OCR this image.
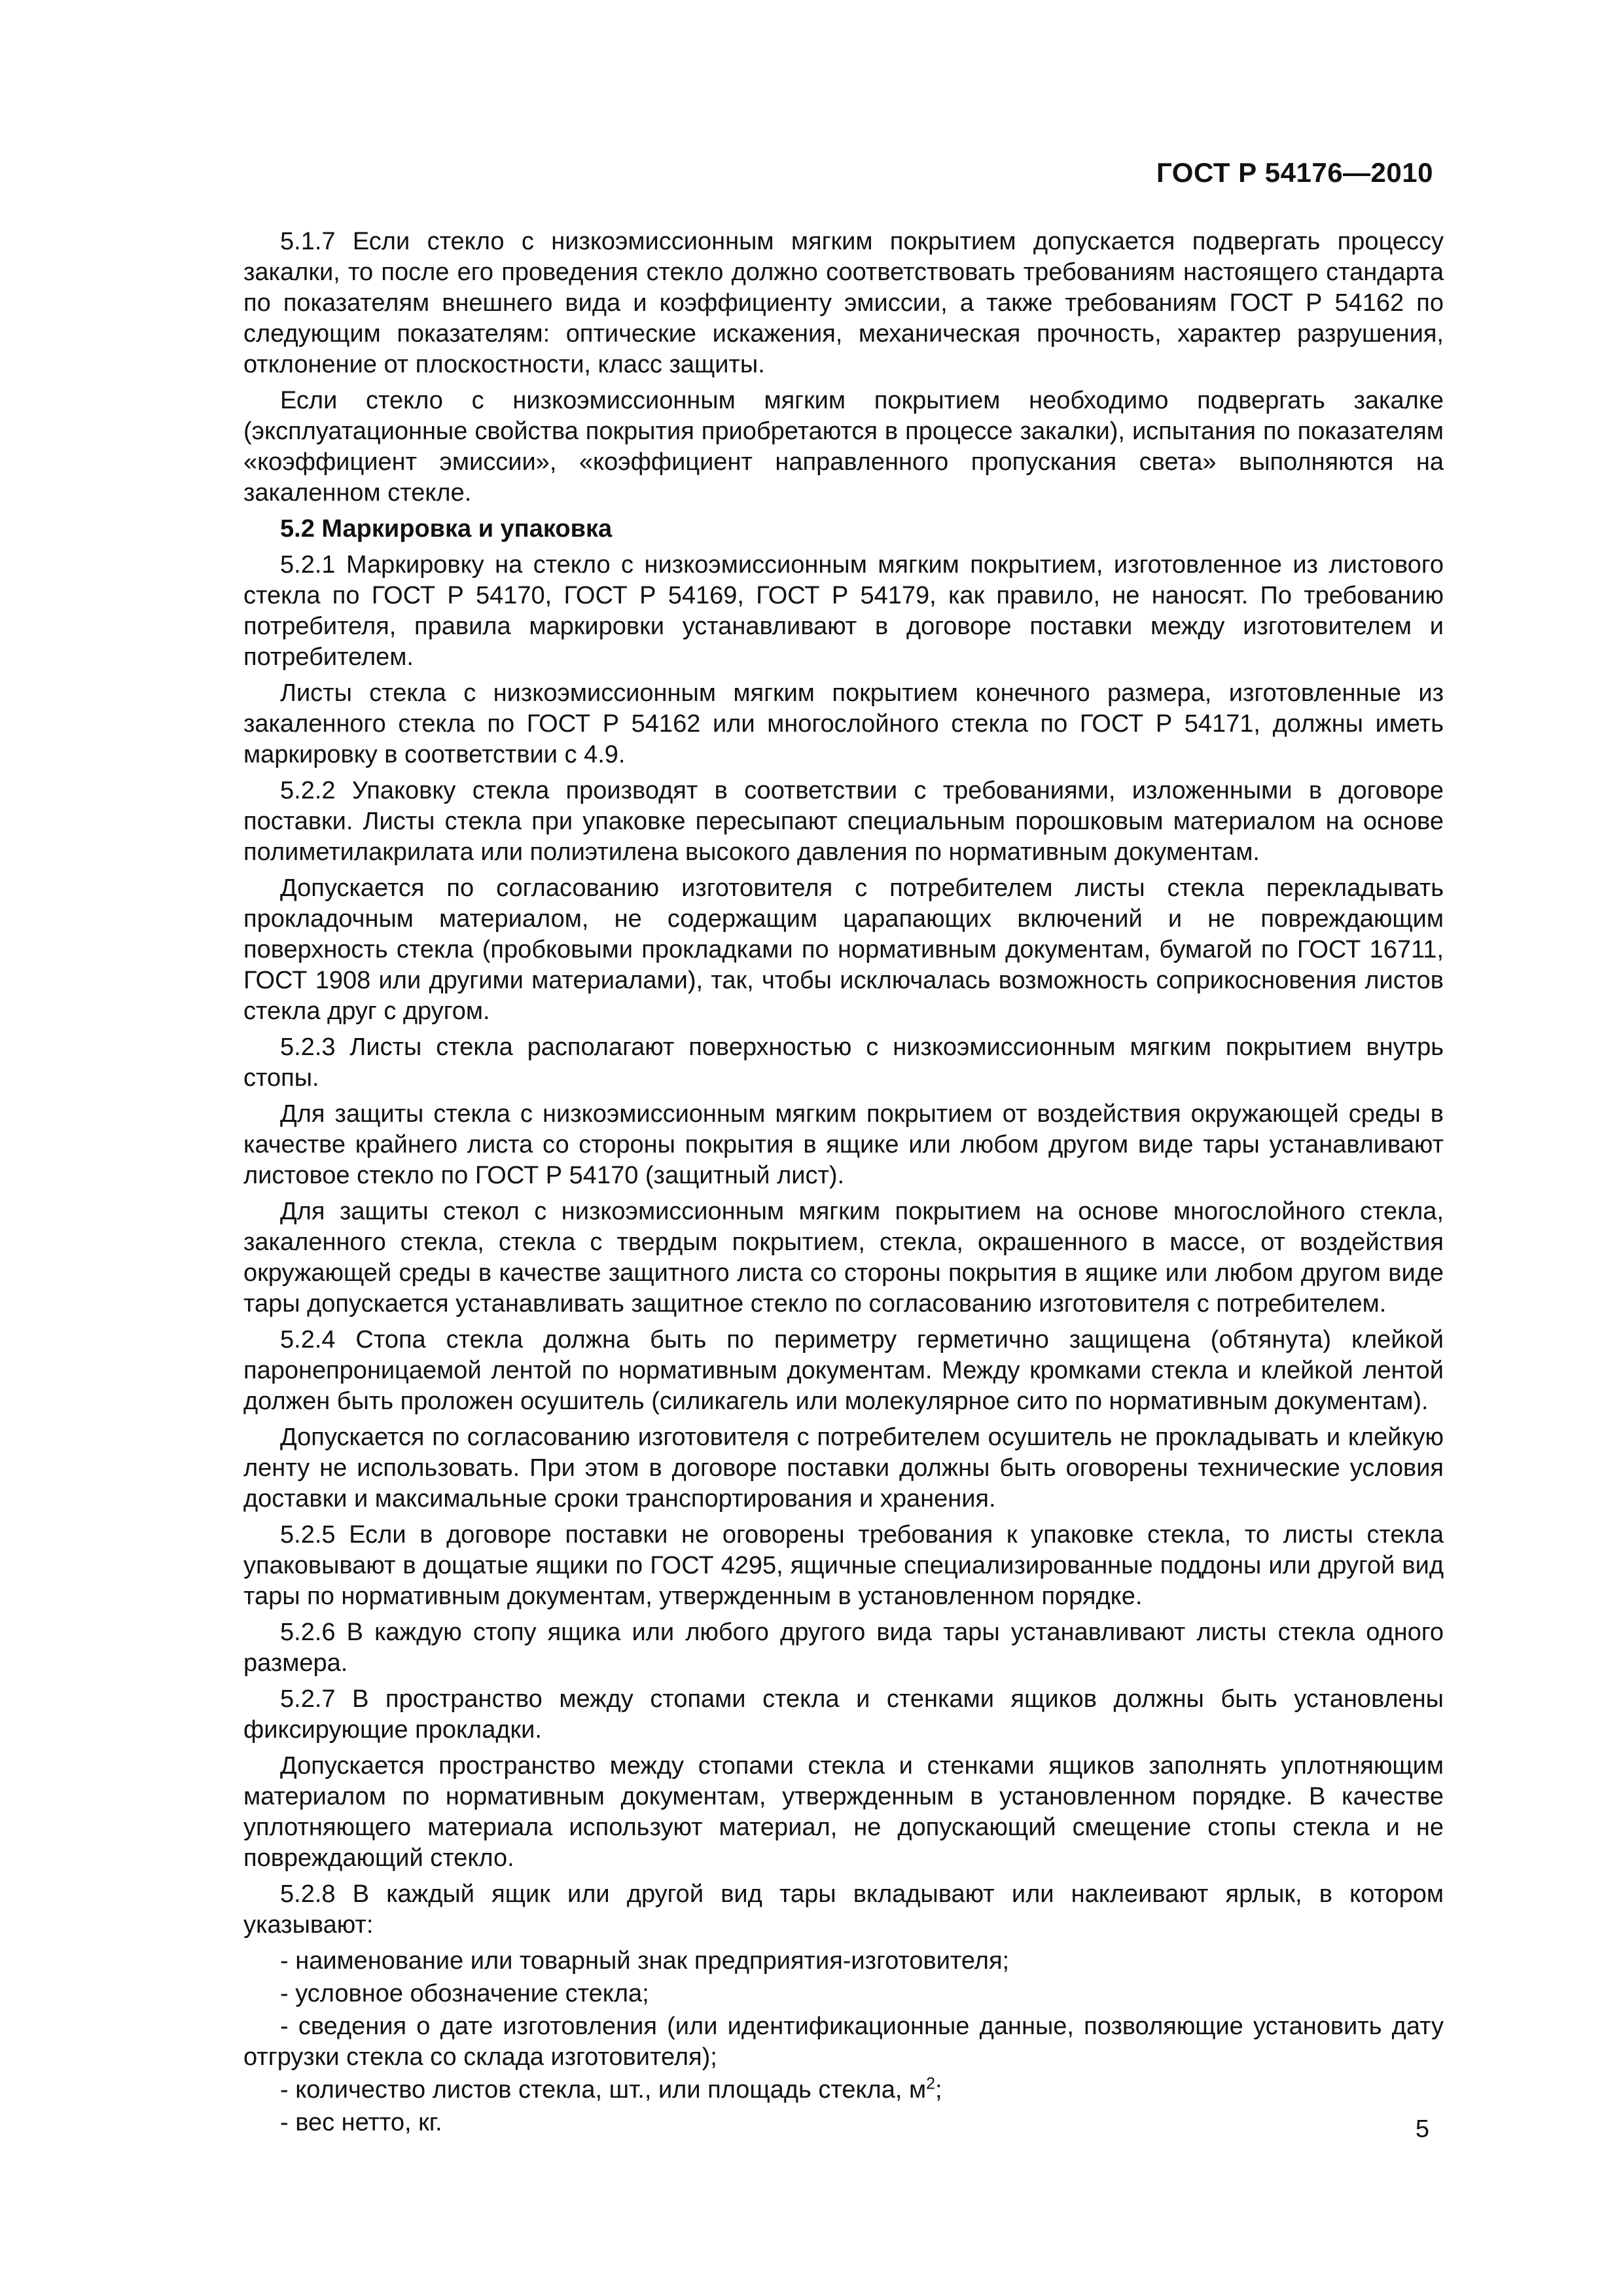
ГОСТ Р 54176—2010

5.1.7 Если стекло с низкоэмиссионным мягким покрытием допускается подвергать процессу закалки, то после его проведения стекло должно соответствовать требованиям настоящего стандарта по показателям внешнего вида и коэффициенту эмиссии, а также требованиям ГОСТ Р 54162 по следующим показателям: оптические искажения, механическая прочность, характер разрушения, отклонение от плоскостности, класс защиты.

Если стекло с низкоэмиссионным мягким покрытием необходимо подвергать закалке (эксплуатационные свойства покрытия приобретаются в процессе закалки), испытания по показателям «коэффициент эмиссии», «коэффициент направленного пропускания света» выполняются на закаленном стекле.

5.2 Маркировка и упаковка

5.2.1 Маркировку на стекло с низкоэмиссионным мягким покрытием, изготовленное из листового стекла по ГОСТ Р 54170, ГОСТ Р 54169, ГОСТ Р 54179, как правило, не наносят. По требованию потребителя, правила маркировки устанавливают в договоре поставки между изготовителем и потребителем.

Листы стекла с низкоэмиссионным мягким покрытием конечного размера, изготовленные из закаленного стекла по ГОСТ Р 54162 или многослойного стекла по ГОСТ Р 54171, должны иметь маркировку в соответствии с 4.9.

5.2.2 Упаковку стекла производят в соответствии с требованиями, изложенными в договоре поставки. Листы стекла при упаковке пересыпают специальным порошковым материалом на основе полиметилакрилата или полиэтилена высокого давления по нормативным документам.

Допускается по согласованию изготовителя с потребителем листы стекла перекладывать прокладочным материалом, не содержащим царапающих включений и не повреждающим поверхность стекла (пробковыми прокладками по нормативным документам, бумагой по ГОСТ 16711, ГОСТ 1908 или другими материалами), так, чтобы исключалась возможность соприкосновения листов стекла друг с другом.

5.2.3 Листы стекла располагают поверхностью с низкоэмиссионным мягким покрытием внутрь стопы.

Для защиты стекла с низкоэмиссионным мягким покрытием от воздействия окружающей среды в качестве крайнего листа со стороны покрытия в ящике или любом другом виде тары устанавливают листовое стекло по ГОСТ Р 54170 (защитный лист).

Для защиты стекол с низкоэмиссионным мягким покрытием на основе многослойного стекла, закаленного стекла, стекла с твердым покрытием, стекла, окрашенного в массе, от воздействия окружающей среды в качестве защитного листа со стороны покрытия в ящике или любом другом виде тары допускается устанавливать защитное стекло по согласованию изготовителя с потребителем.

5.2.4 Стопа стекла должна быть по периметру герметично защищена (обтянута) клейкой паронепроницаемой лентой по нормативным документам. Между кромками стекла и клейкой лентой должен быть проложен осушитель (силикагель или молекулярное сито по нормативным документам).

Допускается по согласованию изготовителя с потребителем осушитель не прокладывать и клейкую ленту не использовать. При этом в договоре поставки должны быть оговорены технические условия доставки и максимальные сроки транспортирования и хранения.

5.2.5 Если в договоре поставки не оговорены требования к упаковке стекла, то листы стекла упаковывают в дощатые ящики по ГОСТ 4295, ящичные специализированные поддоны или другой вид тары по нормативным документам, утвержденным в установленном порядке.

5.2.6 В каждую стопу ящика или любого другого вида тары устанавливают листы стекла одного размера.

5.2.7 В пространство между стопами стекла и стенками ящиков должны быть установлены фиксирующие прокладки.

Допускается пространство между стопами стекла и стенками ящиков заполнять уплотняющим материалом по нормативным документам, утвержденным в установленном порядке. В качестве уплотняющего материала используют материал, не допускающий смещение стопы стекла и не повреждающий стекло.

5.2.8 В каждый ящик или другой вид тары вкладывают или наклеивают ярлык, в котором указывают:

- наименование или товарный знак предприятия-изготовителя;

- условное обозначение стекла;

- сведения о дате изготовления (или идентификационные данные, позволяющие установить дату отгрузки стекла со склада изготовителя);

- количество листов стекла, шт., или площадь стекла, $м^2$;

- вес нетто, кг.	5
